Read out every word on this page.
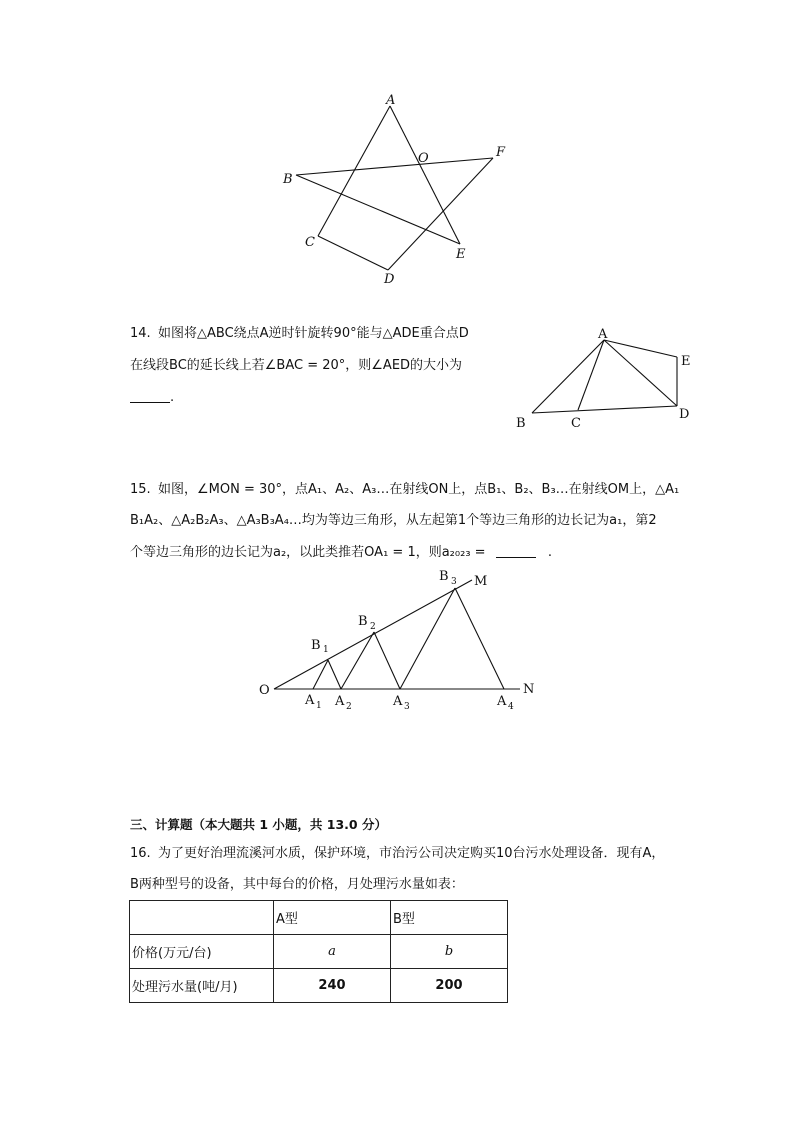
A
O	F
B
C
E
D
14. 如图将△ABC绕点A逆时针旋转90°能与△ADE重合点D
在线段BC的延长线上若∠BAC = 20°，则∠AED的大小为
.
A
E
B	C
D
15. 如图，∠MON = 30°，点A₁、A₂、A₃…在射线ON上，点B₁、B₂、B₃…在射线OM上，△A₁
B₁A₂、△A₂B₂A₃、△A₃B₃A₄…均为等边三角形，从左起第1个等边三角形的边长记为a₁，第2
个等边三角形的边长记为a₂，以此类推若OA₁ = 1，则a₂₀₂₃ =	.
O
M
N
B 1
B 2
B 3
A 1 A 2	A 3	A 4
三、计算题（本大题共 1 小题，共 13.0 分）
16. 为了更好治理流溪河水质，保护环境，市治污公司决定购买10台污水处理设备．现有A，
B两种型号的设备，其中每台的价格，月处理污水量如表：
	A型	B型
价格(万元/台)	a	b
处理污水量(吨/月)	240	200
